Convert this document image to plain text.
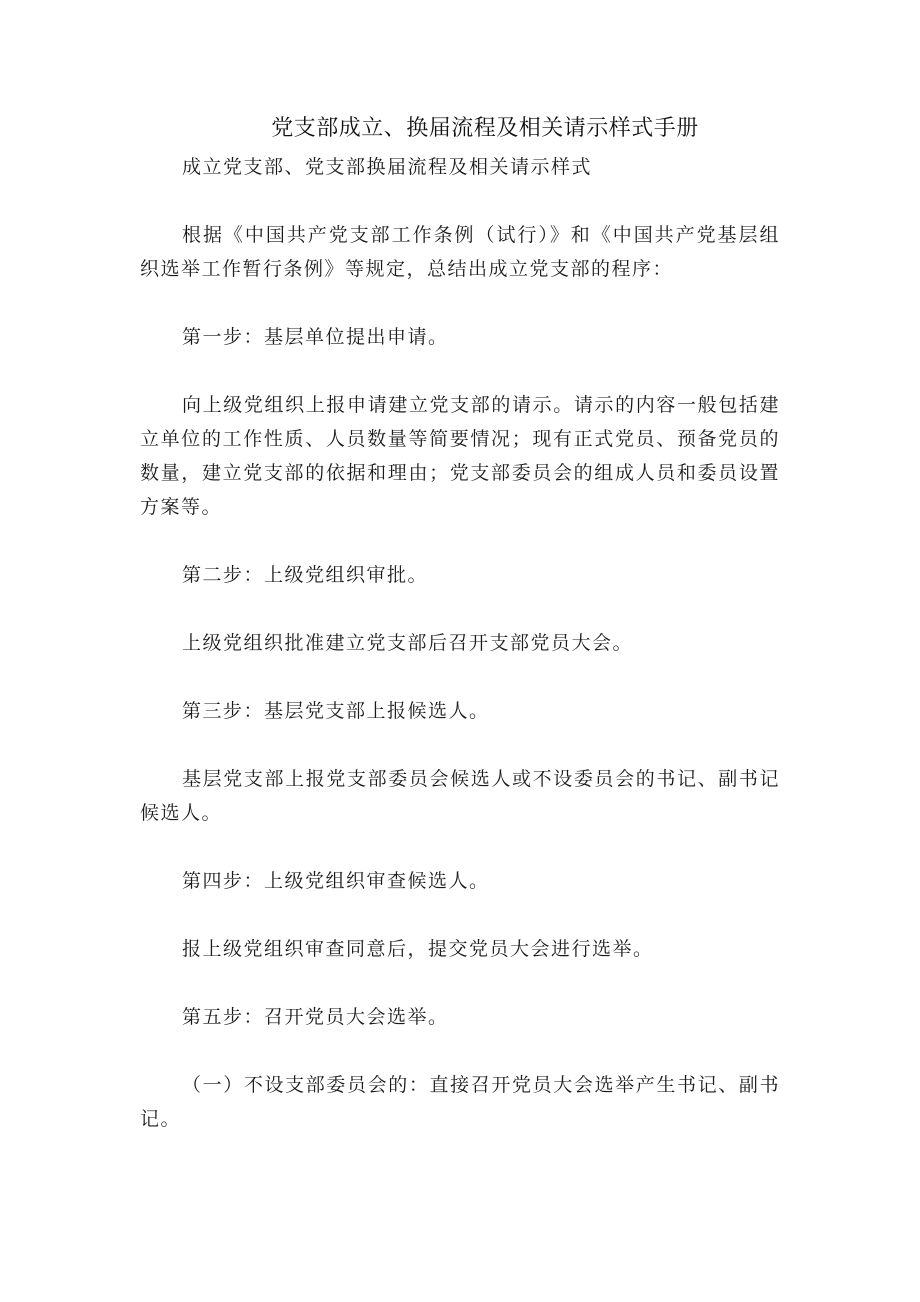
党支部成立、换届流程及相关请示样式手册

成立党支部、党支部换届流程及相关请示样式

根据《中国共产党支部工作条例（试行）》和《中国共产党基层组织选举工作暂行条例》等规定，总结出成立党支部的程序：

第一步：基层单位提出申请。

向上级党组织上报申请建立党支部的请示。请示的内容一般包括建立单位的工作性质、人员数量等简要情况；现有正式党员、预备党员的数量，建立党支部的依据和理由；党支部委员会的组成人员和委员设置方案等。

第二步：上级党组织审批。

上级党组织批准建立党支部后召开支部党员大会。

第三步：基层党支部上报候选人。

基层党支部上报党支部委员会候选人或不设委员会的书记、副书记候选人。

第四步：上级党组织审查候选人。

报上级党组织审查同意后，提交党员大会进行选举。

第五步：召开党员大会选举。

（一）不设支部委员会的：直接召开党员大会选举产生书记、副书记。
